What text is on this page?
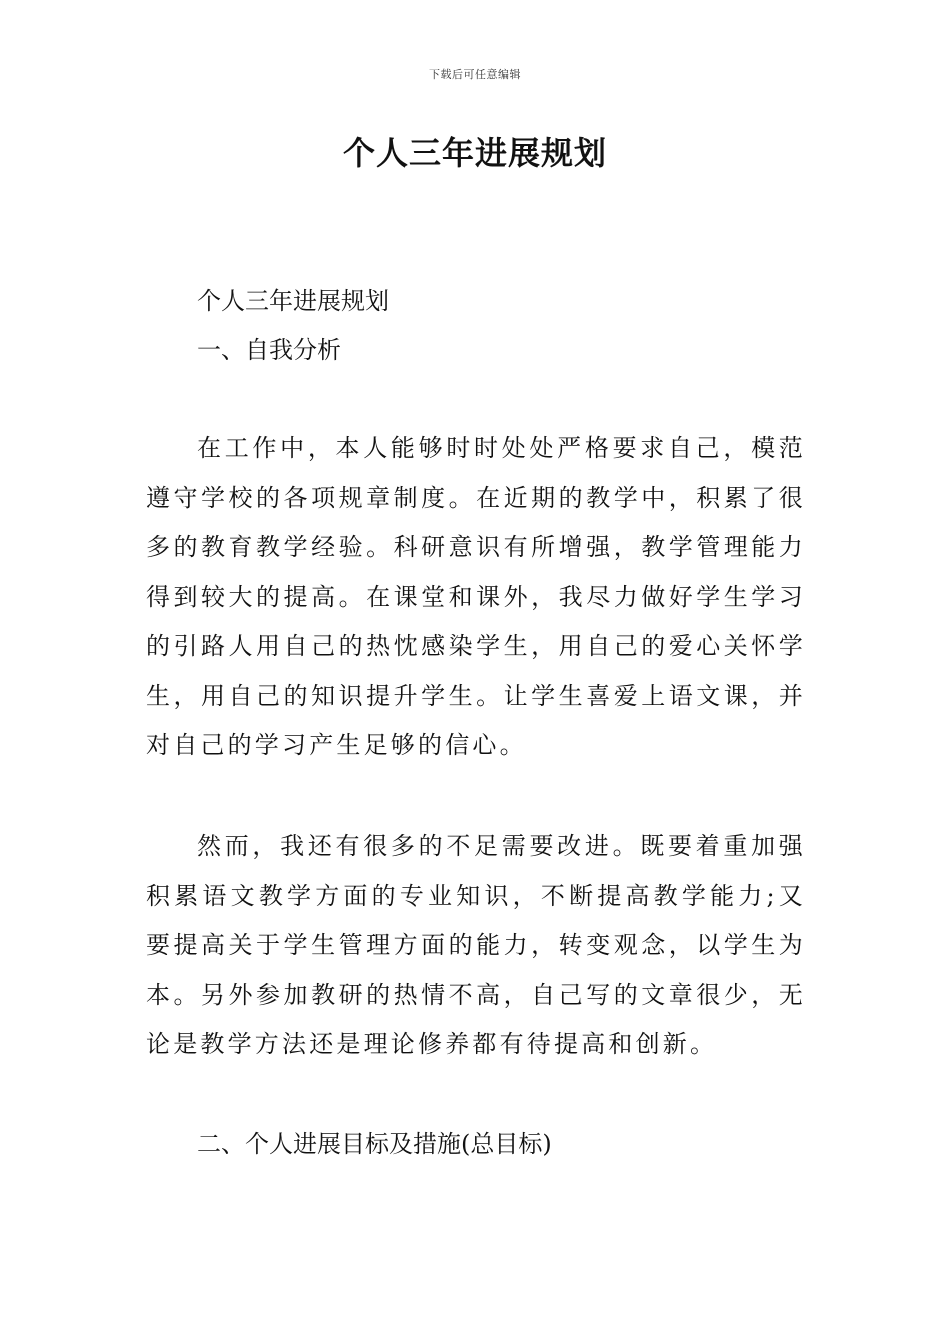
下载后可任意编辑
个人三年进展规划

个人三年进展规划

一、自我分析

在工作中，本人能够时时处处严格要求自己，模范遵守学校的各项规章制度。在近期的教学中，积累了很多的教育教学经验。科研意识有所增强，教学管理能力得到较大的提高。在课堂和课外，我尽力做好学生学习的引路人用自己的热忱感染学生，用自己的爱心关怀学生，用自己的知识提升学生。让学生喜爱上语文课，并对自己的学习产生足够的信心。

然而，我还有很多的不足需要改进。既要着重加强积累语文教学方面的专业知识，不断提高教学能力;又要提高关于学生管理方面的能力，转变观念，以学生为本。另外参加教研的热情不高，自己写的文章很少，无论是教学方法还是理论修养都有待提高和创新。

二、个人进展目标及措施(总目标)
